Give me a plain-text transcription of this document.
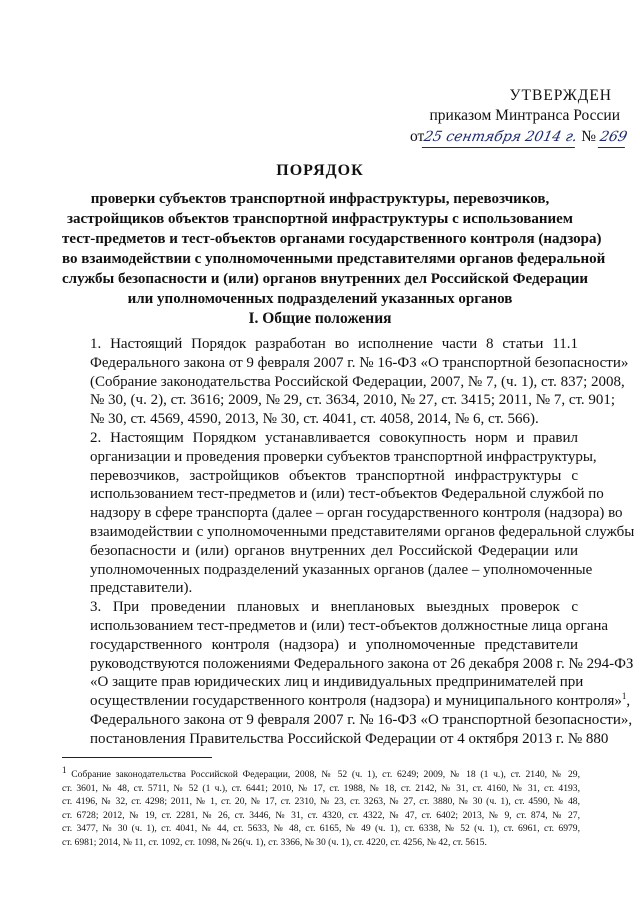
УТВЕРЖДЕН
приказом Минтранса России
от25 сентября 2014 г. № 269
ПОРЯДОК
проверки субъектов транспортной инфраструктуры, перевозчиков,
застройщиков объектов транспортной инфраструктуры с использованием
тест-предметов и тест-объектов органами государственного контроля (надзора)
во взаимодействии с уполномоченными представителями органов федеральной
службы безопасности и (или) органов внутренних дел Российской Федерации
или уполномоченных подразделений указанных органов
I. Общие положения

1. Настоящий Порядок разработан во исполнение части 8 статьи 11.1
Федерального закона от 9 февраля 2007 г. № 16-ФЗ «О транспортной безопасности»
(Собрание законодательства Российской Федерации, 2007, № 7, (ч. 1), ст. 837; 2008,
№ 30, (ч. 2), ст. 3616; 2009, № 29, ст. 3634, 2010, № 27, ст. 3415; 2011, № 7, ст. 901;
№ 30, ст. 4569, 4590, 2013, № 30, ст. 4041, ст. 4058, 2014, № 6, ст. 566).

2. Настоящим Порядком устанавливается совокупность норм и правил
организации и проведения проверки субъектов транспортной инфраструктуры,
перевозчиков, застройщиков объектов транспортной инфраструктуры с
использованием тест-предметов и (или) тест-объектов Федеральной службой по
надзору в сфере транспорта (далее – орган государственного контроля (надзора) во
взаимодействии с уполномоченными представителями органов федеральной службы
безопасности и (или) органов внутренних дел Российской Федерации или
уполномоченных подразделений указанных органов (далее – уполномоченные
представители).

3. При проведении плановых и внеплановых выездных проверок с
использованием тест-предметов и (или) тест-объектов должностные лица органа
государственного контроля (надзора) и уполномоченные представители
руководствуются положениями Федерального закона от 26 декабря 2008 г. № 294-ФЗ
«О защите прав юридических лиц и индивидуальных предпринимателей при
осуществлении государственного контроля (надзора) и муниципального контроля»$^1$,
Федерального закона от 9 февраля 2007 г. № 16-ФЗ «О транспортной безопасности»,
постановления Правительства Российской Федерации от 4 октября 2013 г. № 880

$^1$ Собрание законодательства Российской Федерации, 2008, № 52 (ч. 1), ст. 6249; 2009, № 18 (1 ч.), ст. 2140, № 29,
ст. 3601, № 48, ст. 5711, № 52 (1 ч.), ст. 6441; 2010, № 17, ст. 1988, № 18, ст. 2142, № 31, ст. 4160, № 31, ст. 4193,
ст. 4196, № 32, ст. 4298; 2011, № 1, ст. 20, № 17, ст. 2310, № 23, ст. 3263, № 27, ст. 3880, № 30 (ч. 1), ст. 4590, № 48,
ст. 6728; 2012, № 19, ст. 2281, № 26, ст. 3446, № 31, ст. 4320, ст. 4322, № 47, ст. 6402; 2013, № 9, ст. 874, № 27,
ст. 3477, № 30 (ч. 1), ст. 4041, № 44, ст. 5633, № 48, ст. 6165, № 49 (ч. 1), ст. 6338, № 52 (ч. 1), ст. 6961, ст. 6979,
ст. 6981; 2014, № 11, ст. 1092, ст. 1098, № 26(ч. 1), ст. 3366, № 30 (ч. 1), ст. 4220, ст. 4256, № 42, ст. 5615.
